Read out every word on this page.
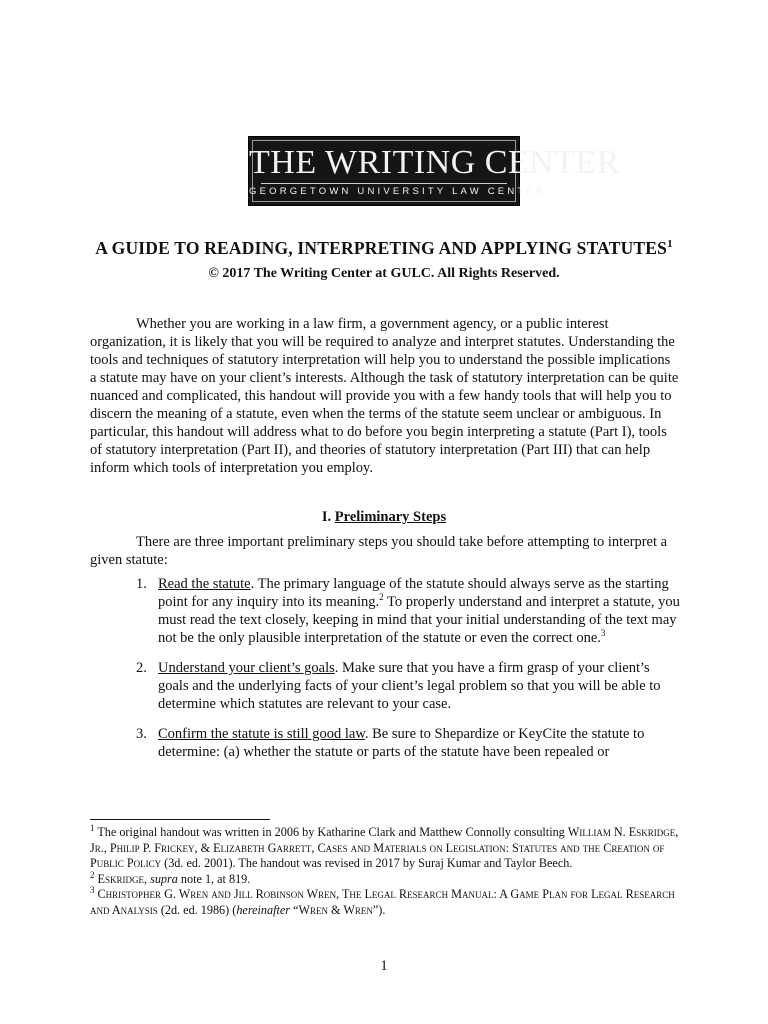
THE WRITING CENTER
GEORGETOWN UNIVERSITY LAW CENTER
A GUIDE TO READING, INTERPRETING AND APPLYING STATUTES$^1$
© 2017 The Writing Center at GULC. All Rights Reserved.

Whether you are working in a law firm, a government agency, or a public interest organization, it is likely that you will be required to analyze and interpret statutes. Understanding the tools and techniques of statutory interpretation will help you to understand the possible implications a statute may have on your client’s interests. Although the task of statutory interpretation can be quite nuanced and complicated, this handout will provide you with a few handy tools that will help you to discern the meaning of a statute, even when the terms of the statute seem unclear or ambiguous. In particular, this handout will address what to do before you begin interpreting a statute (Part I), tools of statutory interpretation (Part II), and theories of statutory interpretation (Part III) that can help inform which tools of interpretation you employ.

I. Preliminary Steps

There are three important preliminary steps you should take before attempting to interpret a given statute:

1. Read the statute. The primary language of the statute should always serve as the starting point for any inquiry into its meaning.$^2$ To properly understand and interpret a statute, you must read the text closely, keeping in mind that your initial understanding of the text may not be the only plausible interpretation of the statute or even the correct one.$^3$
2. Understand your client’s goals. Make sure that you have a firm grasp of your client’s goals and the underlying facts of your client’s legal problem so that you will be able to determine which statutes are relevant to your case.
3. Confirm the statute is still good law. Be sure to Shepardize or KeyCite the statute to determine: (a) whether the statute or parts of the statute have been repealed or

$^1$ The original handout was written in 2006 by Katharine Clark and Matthew Connolly consulting William N. Eskridge, Jr., Philip P. Frickey, & Elizabeth Garrett, Cases and Materials on Legislation: Statutes and the Creation of Public Policy (3d. ed. 2001). The handout was revised in 2017 by Suraj Kumar and Taylor Beech.

$^2$ Eskridge, supra note 1, at 819.

$^3$ Christopher G. Wren and Jill Robinson Wren, The Legal Research Manual: A Game Plan for Legal Research and Analysis (2d. ed. 1986) (hereinafter “Wren & Wren”).

1
